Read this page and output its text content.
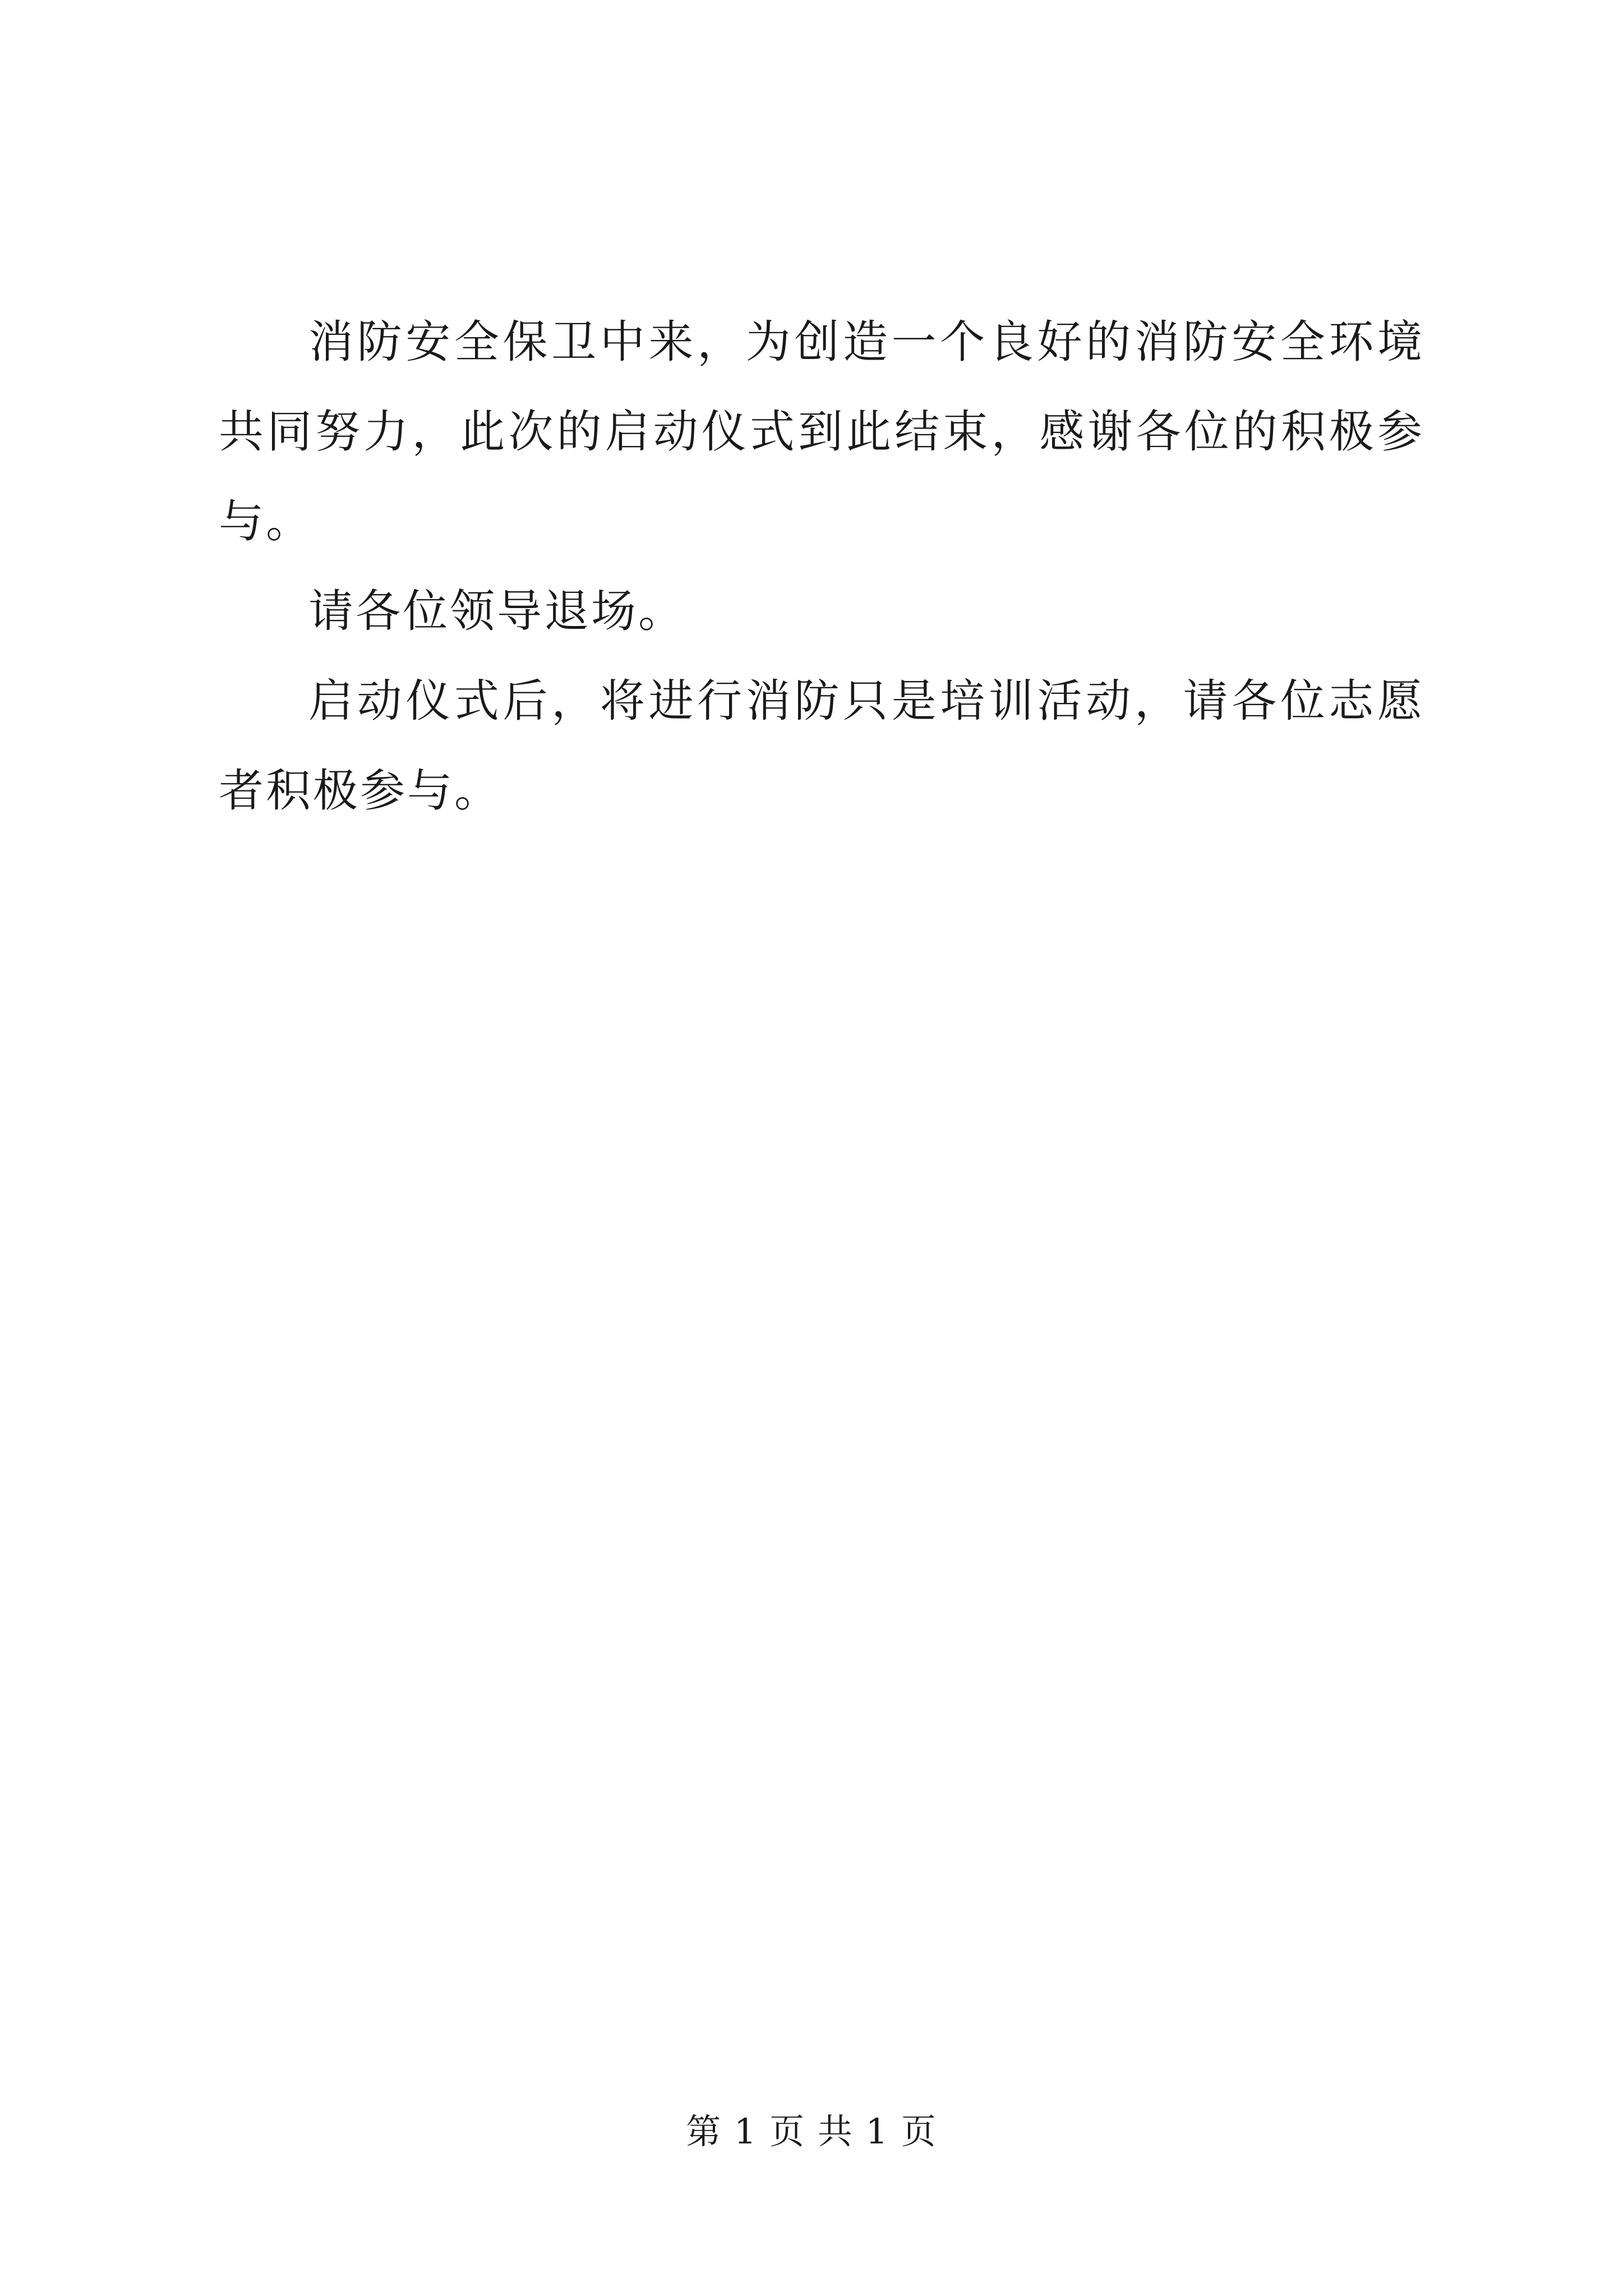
消防安全保卫中来，为创造一个良好的消防安全环境共同努力，此次的启动仪式到此结束，感谢各位的积极参与。

请各位领导退场。

启动仪式后，将进行消防只是培训活动，请各位志愿者积极参与。

第 1 页 共 1 页
